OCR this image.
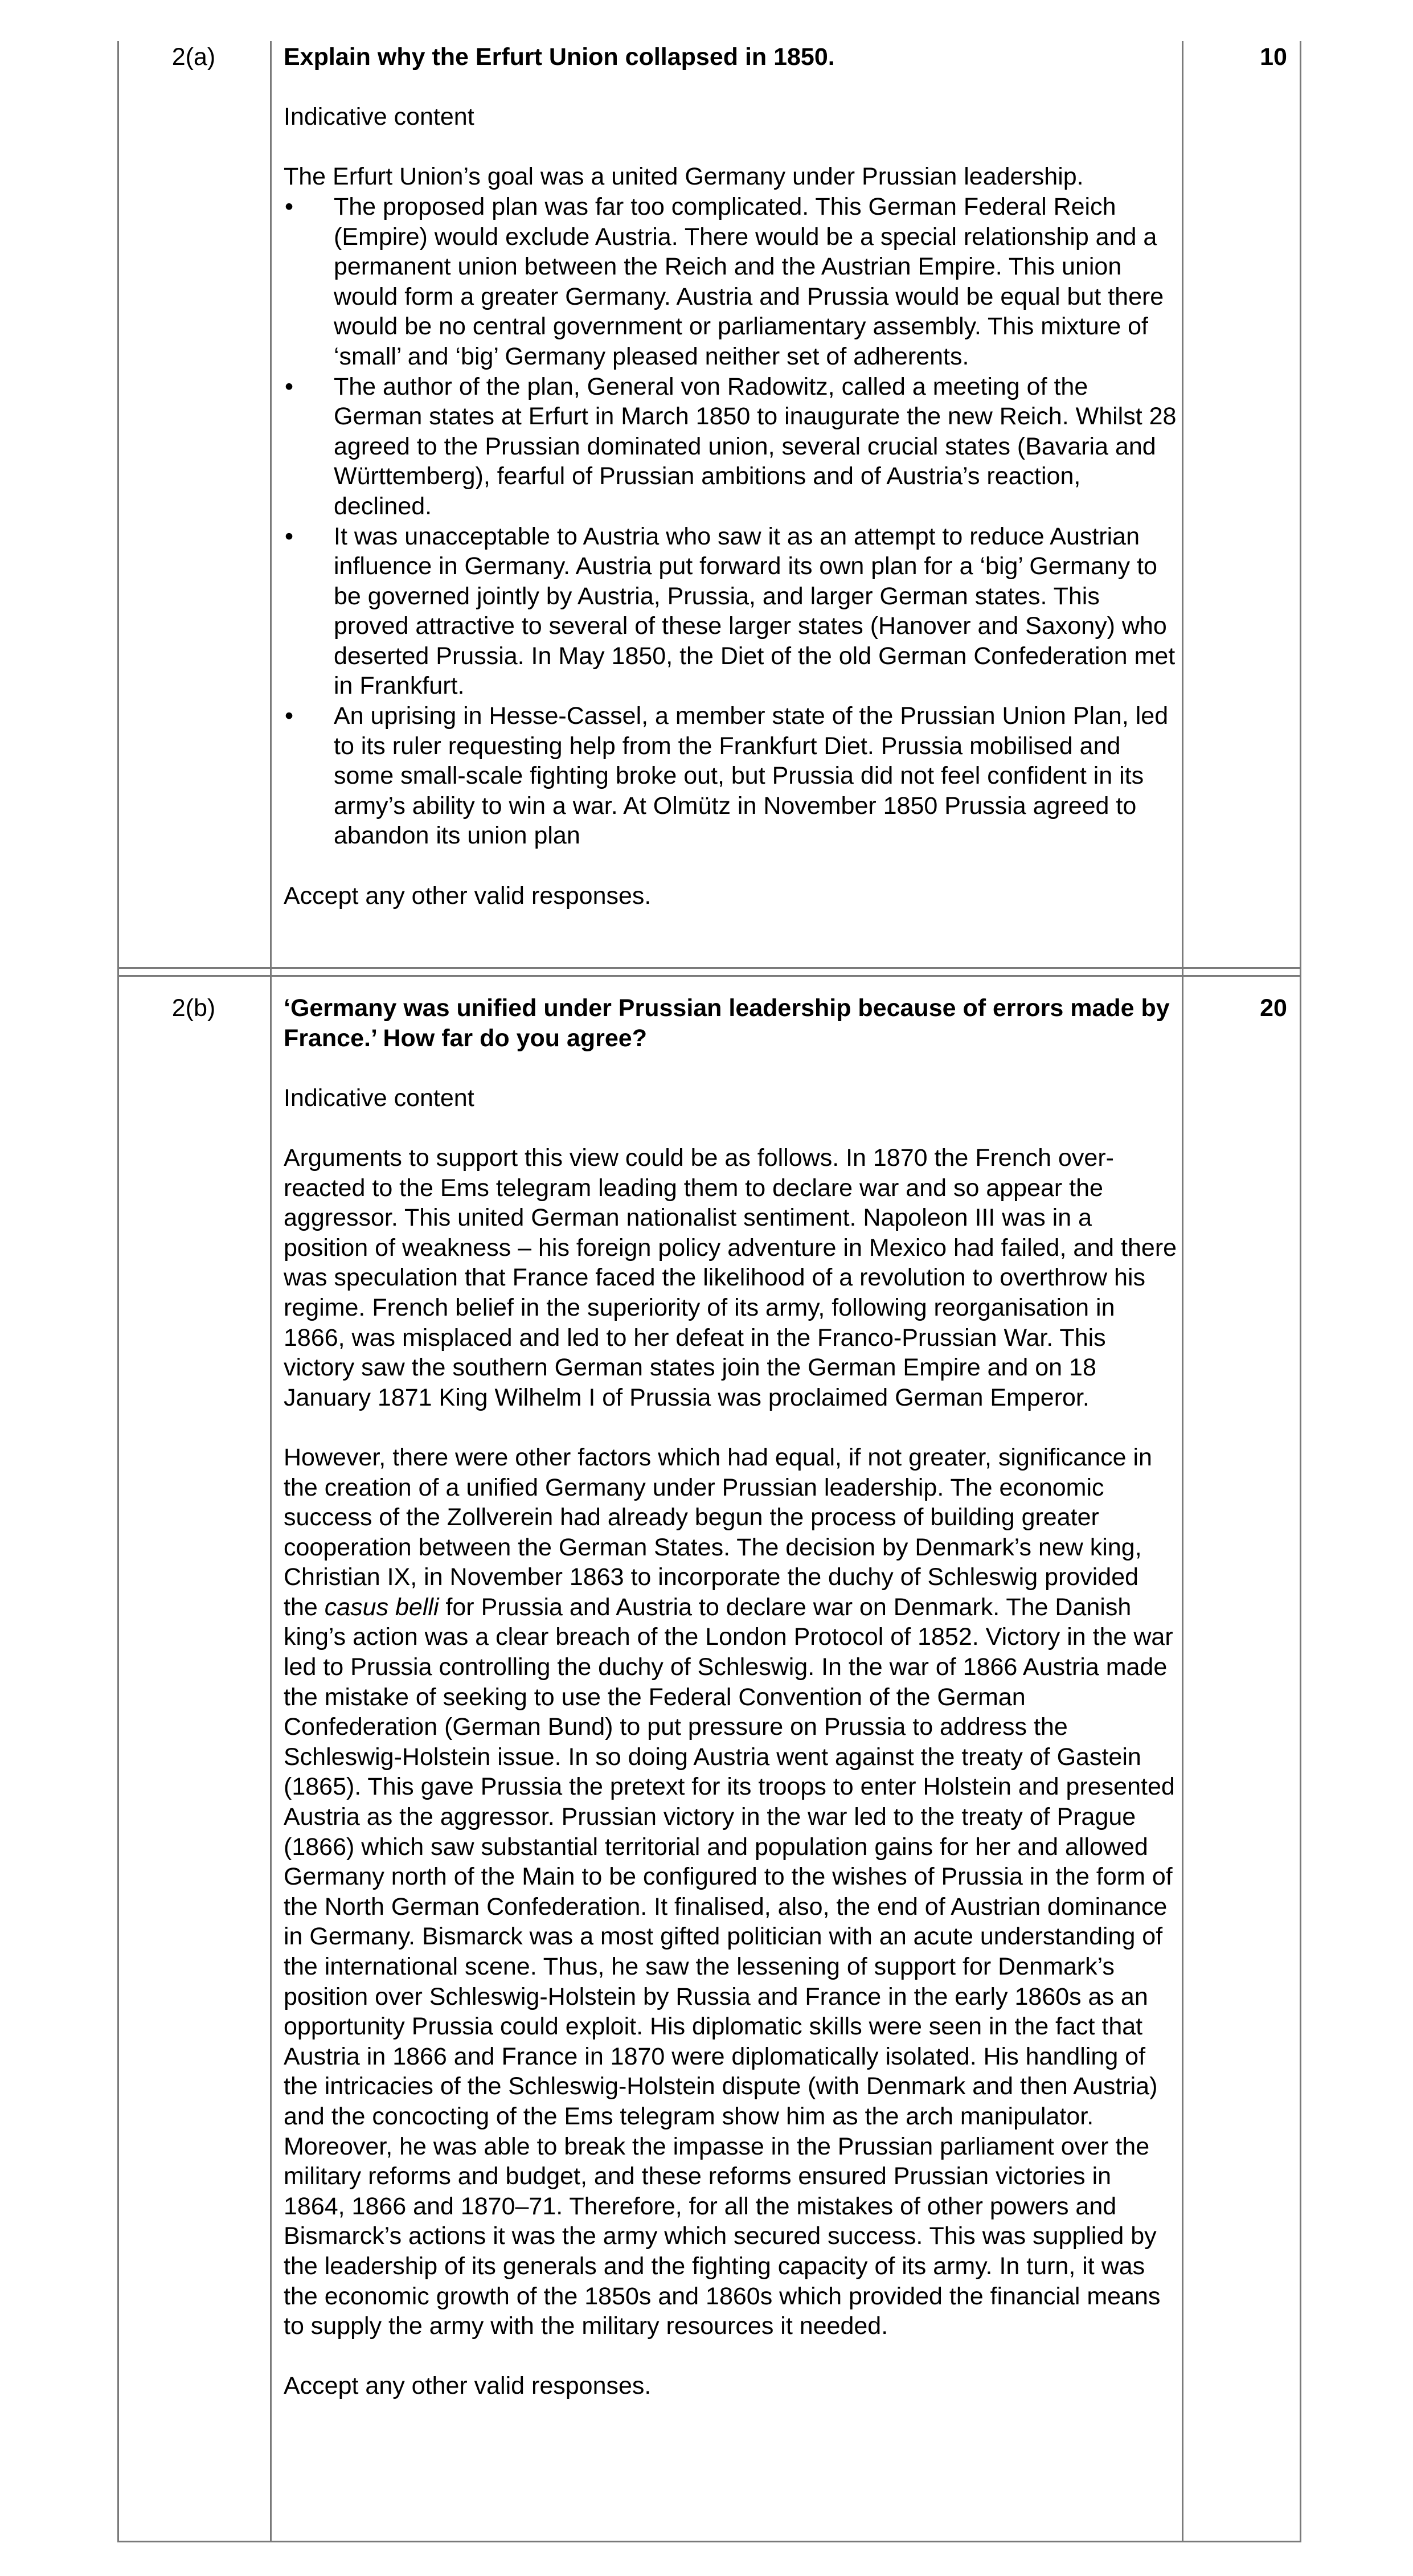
2(a)	10

Explain why the Erfurt Union collapsed in 1850.

Indicative content

The Erfurt Union’s goal was a united Germany under Prussian leadership.

• The proposed plan was far too complicated. This German Federal Reich (Empire) would exclude Austria. There would be a special relationship and a permanent union between the Reich and the Austrian Empire. This union would form a greater Germany. Austria and Prussia would be equal but there would be no central government or parliamentary assembly. This mixture of ‘small’ and ‘big’ Germany pleased neither set of adherents.
• The author of the plan, General von Radowitz, called a meeting of the German states at Erfurt in March 1850 to inaugurate the new Reich. Whilst 28 agreed to the Prussian dominated union, several crucial states (Bavaria and Württemberg), fearful of Prussian ambitions and of Austria’s reaction, declined.
• It was unacceptable to Austria who saw it as an attempt to reduce Austrian influence in Germany. Austria put forward its own plan for a ‘big’ Germany to be governed jointly by Austria, Prussia, and larger German states. This proved attractive to several of these larger states (Hanover and Saxony) who deserted Prussia. In May 1850, the Diet of the old German Confederation met in Frankfurt.
• An uprising in Hesse-Cassel, a member state of the Prussian Union Plan, led to its ruler requesting help from the Frankfurt Diet. Prussia mobilised and some small-scale fighting broke out, but Prussia did not feel confident in its army’s ability to win a war. At Olmütz in November 1850 Prussia agreed to abandon its union plan

Accept any other valid responses.

2(b)	20

‘Germany was unified under Prussian leadership because of errors made by France.’ How far do you agree?

Indicative content

Arguments to support this view could be as follows. In 1870 the French over-reacted to the Ems telegram leading them to declare war and so appear the aggressor. This united German nationalist sentiment. Napoleon III was in a position of weakness – his foreign policy adventure in Mexico had failed, and there was speculation that France faced the likelihood of a revolution to overthrow his regime. French belief in the superiority of its army, following reorganisation in 1866, was misplaced and led to her defeat in the Franco-Prussian War. This victory saw the southern German states join the German Empire and on 18 January 1871 King Wilhelm I of Prussia was proclaimed German Emperor.

However, there were other factors which had equal, if not greater, significance in the creation of a unified Germany under Prussian leadership. The economic success of the Zollverein had already begun the process of building greater cooperation between the German States. The decision by Denmark’s new king, Christian IX, in November 1863 to incorporate the duchy of Schleswig provided the casus belli for Prussia and Austria to declare war on Denmark. The Danish king’s action was a clear breach of the London Protocol of 1852. Victory in the war led to Prussia controlling the duchy of Schleswig. In the war of 1866 Austria made the mistake of seeking to use the Federal Convention of the German Confederation (German Bund) to put pressure on Prussia to address the Schleswig-Holstein issue. In so doing Austria went against the treaty of Gastein (1865). This gave Prussia the pretext for its troops to enter Holstein and presented Austria as the aggressor. Prussian victory in the war led to the treaty of Prague (1866) which saw substantial territorial and population gains for her and allowed Germany north of the Main to be configured to the wishes of Prussia in the form of the North German Confederation. It finalised, also, the end of Austrian dominance in Germany. Bismarck was a most gifted politician with an acute understanding of the international scene. Thus, he saw the lessening of support for Denmark’s position over Schleswig-Holstein by Russia and France in the early 1860s as an opportunity Prussia could exploit. His diplomatic skills were seen in the fact that Austria in 1866 and France in 1870 were diplomatically isolated. His handling of the intricacies of the Schleswig-Holstein dispute (with Denmark and then Austria) and the concocting of the Ems telegram show him as the arch manipulator. Moreover, he was able to break the impasse in the Prussian parliament over the military reforms and budget, and these reforms ensured Prussian victories in 1864, 1866 and 1870–71. Therefore, for all the mistakes of other powers and Bismarck’s actions it was the army which secured success. This was supplied by the leadership of its generals and the fighting capacity of its army. In turn, it was the economic growth of the 1850s and 1860s which provided the financial means to supply the army with the military resources it needed.

Accept any other valid responses.
